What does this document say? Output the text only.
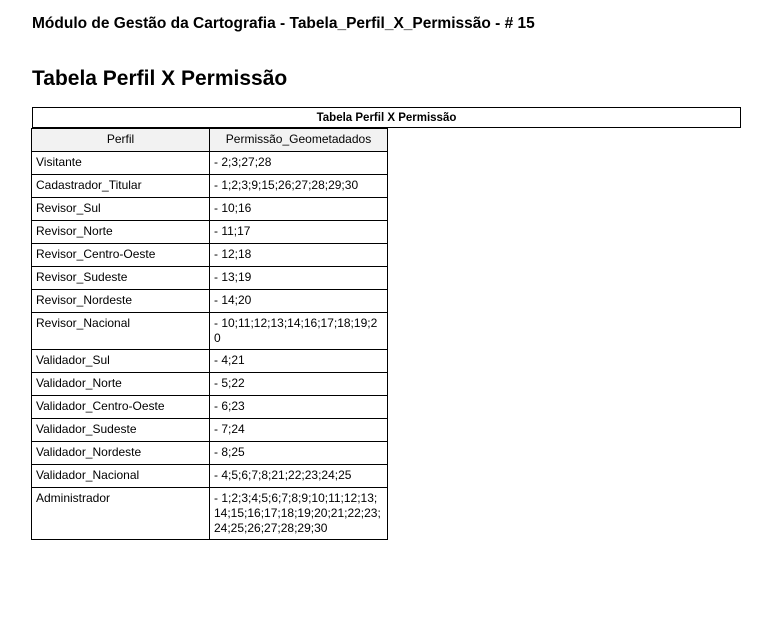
Módulo de Gestão da Cartografia - Tabela_Perfil_X_Permissão - # 15
Tabela Perfil X Permissão
Tabela Perfil X Permissão
Perfil	Permissão_Geometadados
Visitante	- 2;3;27;28
Cadastrador_Titular	- 1;2;3;9;15;26;27;28;29;30
Revisor_Sul	- 10;16
Revisor_Norte	- 11;17
Revisor_Centro-Oeste	- 12;18
Revisor_Sudeste	- 13;19
Revisor_Nordeste	- 14;20
Revisor_Nacional	- 10;11;12;13;14;16;17;18;19;20
Validador_Sul	- 4;21
Validador_Norte	- 5;22
Validador_Centro-Oeste	- 6;23
Validador_Sudeste	- 7;24
Validador_Nordeste	- 8;25
Validador_Nacional	- 4;5;6;7;8;21;22;23;24;25
Administrador	- 1;2;3;4;5;6;7;8;9;10;11;12;13;14;15;16;17;18;19;20;21;22;23;24;25;26;27;28;29;30
